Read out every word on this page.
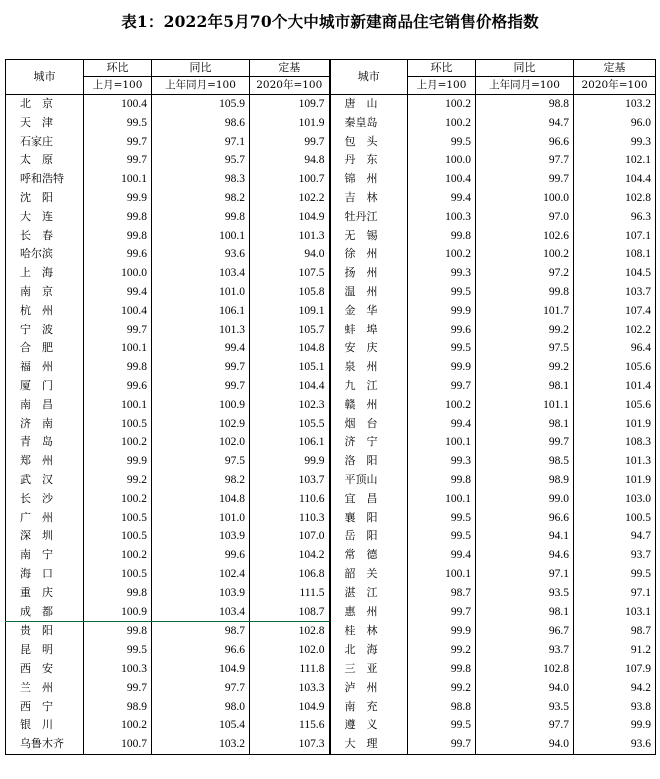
表1：2022年5月70个大中城市新建商品住宅销售价格指数
城市	环比	同比	定基	城市	环比	同比	定基
	上月=100	上年同月=100	2020年=100		上月=100	上年同月=100	2020年=100
北　京	100.4	105.9	109.7	唐　山	100.2	98.8	103.2
天　津	99.5	98.6	101.9	秦皇岛	100.2	94.7	96.0
石家庄	99.7	97.1	99.7	包　头	99.5	96.6	99.3
太　原	99.7	95.7	94.8	丹　东	100.0	97.7	102.1
呼和浩特	100.1	98.3	100.7	锦　州	100.4	99.7	104.4
沈　阳	99.9	98.2	102.2	吉　林	99.4	100.0	102.8
大　连	99.8	99.8	104.9	牡丹江	100.3	97.0	96.3
长　春	99.8	100.1	101.3	无　锡	99.8	102.6	107.1
哈尔滨	99.6	93.6	94.0	徐　州	100.2	100.2	108.1
上　海	100.0	103.4	107.5	扬　州	99.3	97.2	104.5
南　京	99.4	101.0	105.8	温　州	99.5	99.8	103.7
杭　州	100.4	106.1	109.1	金　华	99.9	101.7	107.4
宁　波	99.7	101.3	105.7	蚌　埠	99.6	99.2	102.2
合　肥	100.1	99.4	104.8	安　庆	99.5	97.5	96.4
福　州	99.8	99.7	105.1	泉　州	99.9	99.2	105.6
厦　门	99.6	99.7	104.4	九　江	99.7	98.1	101.4
南　昌	100.1	100.9	102.3	赣　州	100.2	101.1	105.6
济　南	100.5	102.9	105.5	烟　台	99.4	98.1	101.9
青　岛	100.2	102.0	106.1	济　宁	100.1	99.7	108.3
郑　州	99.9	97.5	99.9	洛　阳	99.3	98.5	101.3
武　汉	99.2	98.2	103.7	平顶山	99.8	98.9	101.9
长　沙	100.2	104.8	110.6	宜　昌	100.1	99.0	103.0
广　州	100.5	101.0	110.3	襄　阳	99.5	96.6	100.5
深　圳	100.5	103.9	107.0	岳　阳	99.5	94.1	94.7
南　宁	100.2	99.6	104.2	常　德	99.4	94.6	93.7
海　口	100.5	102.4	106.8	韶　关	100.1	97.1	99.5
重　庆	99.8	103.9	111.5	湛　江	98.7	93.5	97.1
成　都	100.9	103.4	108.7	惠　州	99.7	98.1	103.1
贵　阳	99.8	98.7	102.8	桂　林	99.9	96.7	98.7
昆　明	99.5	96.6	102.0	北　海	99.2	93.7	91.2
西　安	100.3	104.9	111.8	三　亚	99.8	102.8	107.9
兰　州	99.7	97.7	103.3	泸　州	99.2	94.0	94.2
西　宁	98.9	98.0	104.9	南　充	98.8	93.5	93.8
银　川	100.2	105.4	115.6	遵　义	99.5	97.7	99.9
乌鲁木齐	100.7	103.2	107.3	大　理	99.7	94.0	93.6
